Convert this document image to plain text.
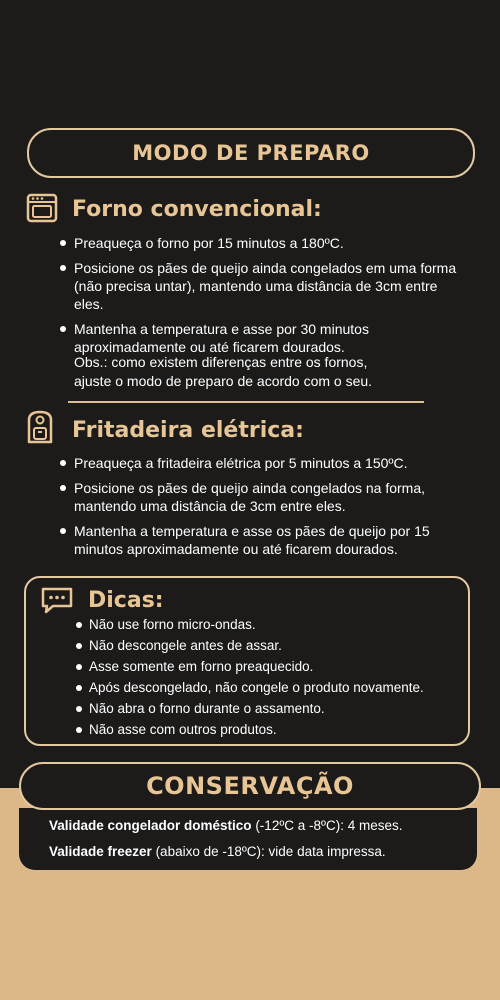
MODO DE PREPARO
Forno convencional:
Preaqueça o forno por 15 minutos a 180ºC.
Posicione os pães de queijo ainda congelados em uma forma (não precisa untar), mantendo uma distância de 3cm entre eles.
Mantenha a temperatura e asse por 30 minutos aproximadamente ou até ficarem dourados.
Obs.: como existem diferenças entre os fornos,
ajuste o modo de preparo de acordo com o seu.
Fritadeira elétrica:
Preaqueça a fritadeira elétrica por 5 minutos a 150ºC.
Posicione os pães de queijo ainda congelados na forma, mantendo uma distância de 3cm entre eles.
Mantenha a temperatura e asse os pães de queijo por 15 minutos aproximadamente ou até ficarem dourados.
Dicas:
Não use forno micro-ondas.
Não descongele antes de assar.
Asse somente em forno preaquecido.
Após descongelado, não congele o produto novamente.
Não abra o forno durante o assamento.
Não asse com outros produtos.
CONSERVAÇÃO
Validade congelador doméstico (-12ºC a -8ºC): 4 meses.
Validade freezer (abaixo de -18ºC): vide data impressa.
